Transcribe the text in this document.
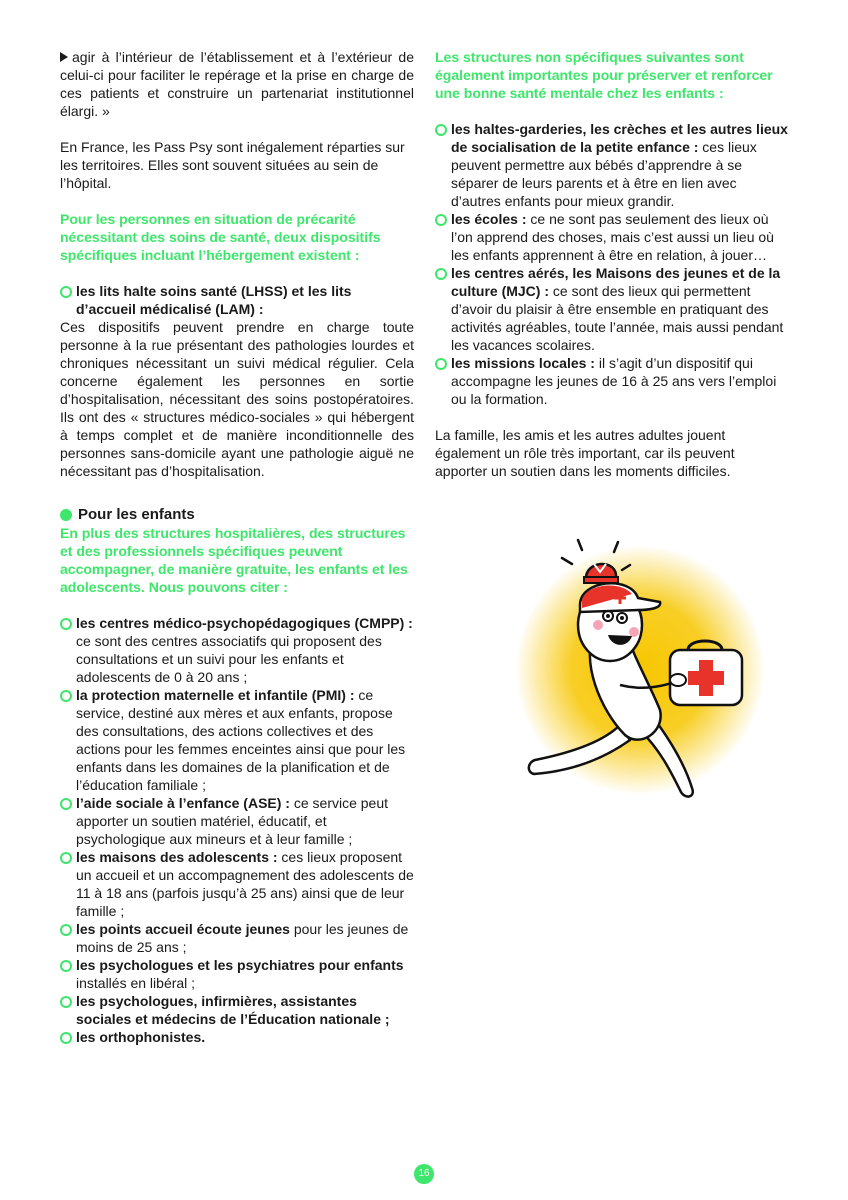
agir à l’intérieur de l’établissement et à l’extérieur de celui-ci pour faciliter le repérage et la prise en charge de ces patients et construire un partenariat institutionnel élargi. »

En France, les Pass Psy sont inégalement réparties sur les territoires. Elles sont souvent situées au sein de l’hôpital.

Pour les personnes en situation de précarité nécessitant des soins de santé, deux dispositifs spécifiques incluant l’hébergement existent :

les lits halte soins santé (LHSS) et les lits d’accueil médicalisé (LAM) :

Ces dispositifs peuvent prendre en charge toute personne à la rue présentant des pathologies lourdes et chroniques nécessitant un suivi médical régulier. Cela concerne également les personnes en sortie d’hospitalisation, nécessitant des soins postopératoires. Ils ont des « structures médico-sociales » qui hébergent à temps complet et de manière inconditionnelle des personnes sans-domicile ayant une pathologie aiguë ne nécessitant pas d’hospitalisation.

Pour les enfants

En plus des structures hospitalières, des structures et des professionnels spécifiques peuvent accompagner, de manière gratuite, les enfants et les adolescents. Nous pouvons citer :

les centres médico-psychopédagogiques (CMPP) : ce sont des centres associatifs qui proposent des consultations et un suivi pour les enfants et adolescents de 0 à 20 ans ;
la protection maternelle et infantile (PMI) : ce service, destiné aux mères et aux enfants, propose des consultations, des actions collectives et des actions pour les femmes enceintes ainsi que pour les enfants dans les domaines de la planification et de l’éducation familiale ;
l’aide sociale à l’enfance (ASE) : ce service peut apporter un soutien matériel, éducatif, et psychologique aux mineurs et à leur famille ;
les maisons des adolescents : ces lieux proposent un accueil et un accompagnement des adolescents de 11 à 18 ans (parfois jusqu’à 25 ans) ainsi que de leur famille ;
les points accueil écoute jeunes pour les jeunes de moins de 25 ans ;
les psychologues et les psychiatres pour enfants installés en libéral ;
les psychologues, infirmières, assistantes sociales et médecins de l’Éducation nationale ;
les orthophonistes.

Les structures non spécifiques suivantes sont également importantes pour préserver et renforcer une bonne santé mentale chez les enfants :

les haltes-garderies, les crèches et les autres lieux de socialisation de la petite enfance : ces lieux peuvent permettre aux bébés d’apprendre à se séparer de leurs parents et à être en lien avec d’autres enfants pour mieux grandir.
les écoles : ce ne sont pas seulement des lieux où l’on apprend des choses, mais c’est aussi un lieu où les enfants apprennent à être en relation, à jouer…
les centres aérés, les Maisons des jeunes et de la culture (MJC) : ce sont des lieux qui permettent d’avoir du plaisir à être ensemble en pratiquant des activités agréables, toute l’année, mais aussi pendant les vacances scolaires.
les missions locales : il s’agit d’un dispositif qui accompagne les jeunes de 16 à 25 ans vers l’emploi ou la formation.

La famille, les amis et les autres adultes jouent également un rôle très important, car ils peuvent apporter un soutien dans les moments difficiles.

16
